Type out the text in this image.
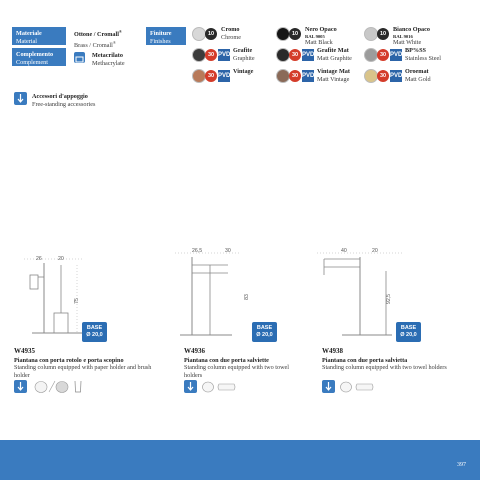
Materiale
Material
Ottone / Cromall®
Brass / Cromall®
Complemento
Complement
Metacrilato
Methacrylate
Finiture
Finishes
10
Cromo
Chrome
30 PVD
Grafite
Graphite
30 PVD
Vintage
10
Nero Opaco
RAL 9005
Matt Black
30 PVD
Grafite Mat
Matt Graphite
30 PVD
Vintage Mat
Matt Vintage
10
Bianco Opaco
RAL 9016
Matt White
30 PVD
BP%SS
Stainless Steel
30 PVD
Oroemat
Matt Gold
Accessori d'appoggio
Free-standing accessories
26	20
75
BASE
Ø 20,0
26,5	30
83
BASE
Ø 20,0
40	20
92,5
BASE
Ø 20,0
W4935
Piantana con porta rotolo e porta scopino
Standing column equipped with paper holder and brush holder
W4936
Piantana con due porta salviette
Standing column equipped with two towel holders
W4938
Piantana con due porta salvietta
Standing column equipped with two towel holders
397
